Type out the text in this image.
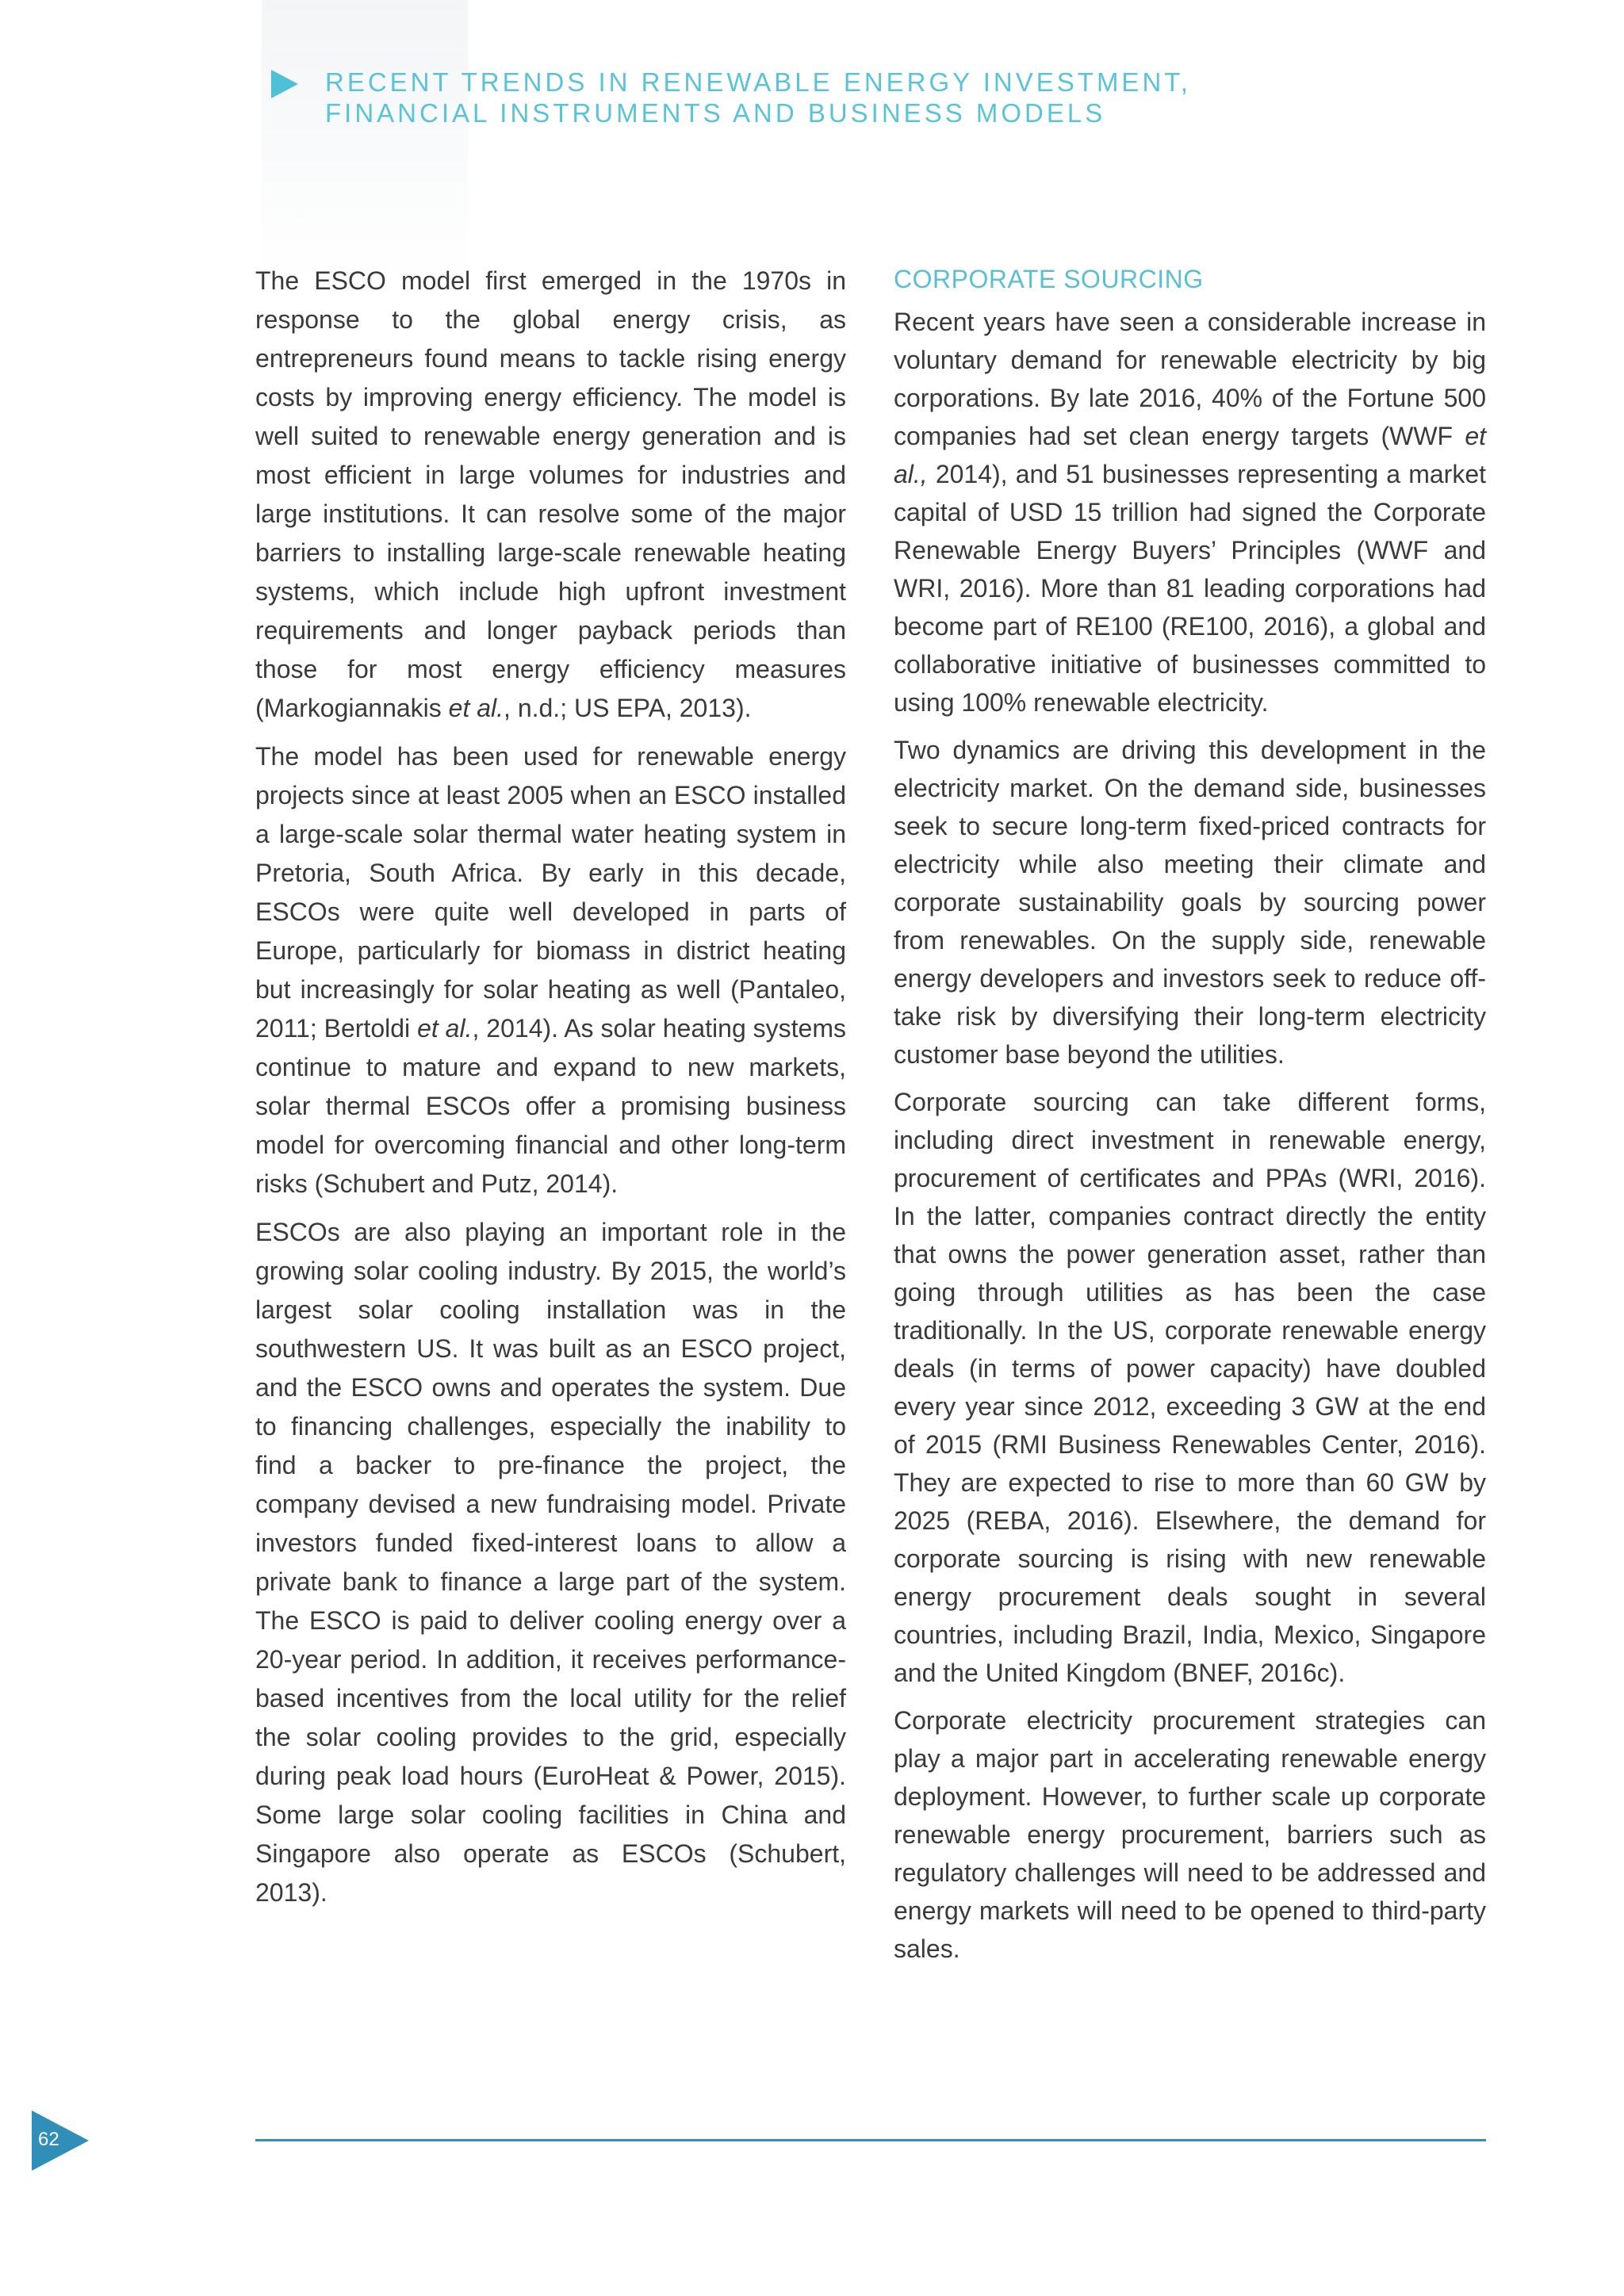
RECENT TRENDS IN RENEWABLE ENERGY INVESTMENT,
FINANCIAL INSTRUMENTS AND BUSINESS MODELS

The ESCO model first emerged in the 1970s in response to the global energy crisis, as entrepreneurs found means to tackle rising energy costs by improving energy efficiency. The model is well suited to renewable energy generation and is most efficient in large volumes for industries and large institutions. It can resolve some of the major barriers to installing large-scale renewable heating systems, which include high upfront investment requirements and longer payback periods than those for most energy efficiency measures (Markogiannakis et al., n.d.; US EPA, 2013).

The model has been used for renewable energy projects since at least 2005 when an ESCO installed a large-scale solar thermal water heating system in Pretoria, South Africa. By early in this decade, ESCOs were quite well developed in parts of Europe, particularly for biomass in district heating but increasingly for solar heating as well (Pantaleo, 2011; Bertoldi et al., 2014). As solar heating systems continue to mature and expand to new markets, solar thermal ESCOs offer a promising business model for overcoming financial and other long-term risks (Schubert and Putz, 2014).

ESCOs are also playing an important role in the growing solar cooling industry. By 2015, the world’s largest solar cooling installation was in the southwestern US. It was built as an ESCO project, and the ESCO owns and operates the system. Due to financing challenges, especially the inability to find a backer to pre-finance the project, the company devised a new fundraising model. Private investors funded fixed-interest loans to allow a private bank to finance a large part of the system. The ESCO is paid to deliver cooling energy over a 20-year period. In addition, it receives performance-based incentives from the local utility for the relief the solar cooling provides to the grid, especially during peak load hours (EuroHeat & Power, 2015). Some large solar cooling facilities in China and Singapore also operate as ESCOs (Schubert, 2013).

CORPORATE SOURCING

Recent years have seen a considerable increase in voluntary demand for renewable electricity by big corporations. By late 2016, 40% of the Fortune 500 companies had set clean energy targets (WWF et al., 2014), and 51 businesses representing a market capital of USD 15 trillion had signed the Corporate Renewable Energy Buyers’ Principles (WWF and WRI, 2016). More than 81 leading corporations had become part of RE100 (RE100, 2016), a global and collaborative initiative of businesses committed to using 100% renewable electricity.

Two dynamics are driving this development in the electricity market. On the demand side, businesses seek to secure long-term fixed-priced contracts for electricity while also meeting their climate and corporate sustainability goals by sourcing power from renewables. On the supply side, renewable energy developers and investors seek to reduce off-take risk by diversifying their long-term electricity customer base beyond the utilities.

Corporate sourcing can take different forms, including direct investment in renewable energy, procurement of certificates and PPAs (WRI, 2016). In the latter, companies contract directly the entity that owns the power generation asset, rather than going through utilities as has been the case traditionally. In the US, corporate renewable energy deals (in terms of power capacity) have doubled every year since 2012, exceeding 3 GW at the end of 2015 (RMI Business Renewables Center, 2016). They are expected to rise to more than 60 GW by 2025 (REBA, 2016). Elsewhere, the demand for corporate sourcing is rising with new renewable energy procurement deals sought in several countries, including Brazil, India, Mexico, Singapore and the United Kingdom (BNEF, 2016c).

Corporate electricity procurement strategies can play a major part in accelerating renewable energy deployment. However, to further scale up corporate renewable energy procurement, barriers such as regulatory challenges will need to be addressed and energy markets will need to be opened to third-party sales.

62
